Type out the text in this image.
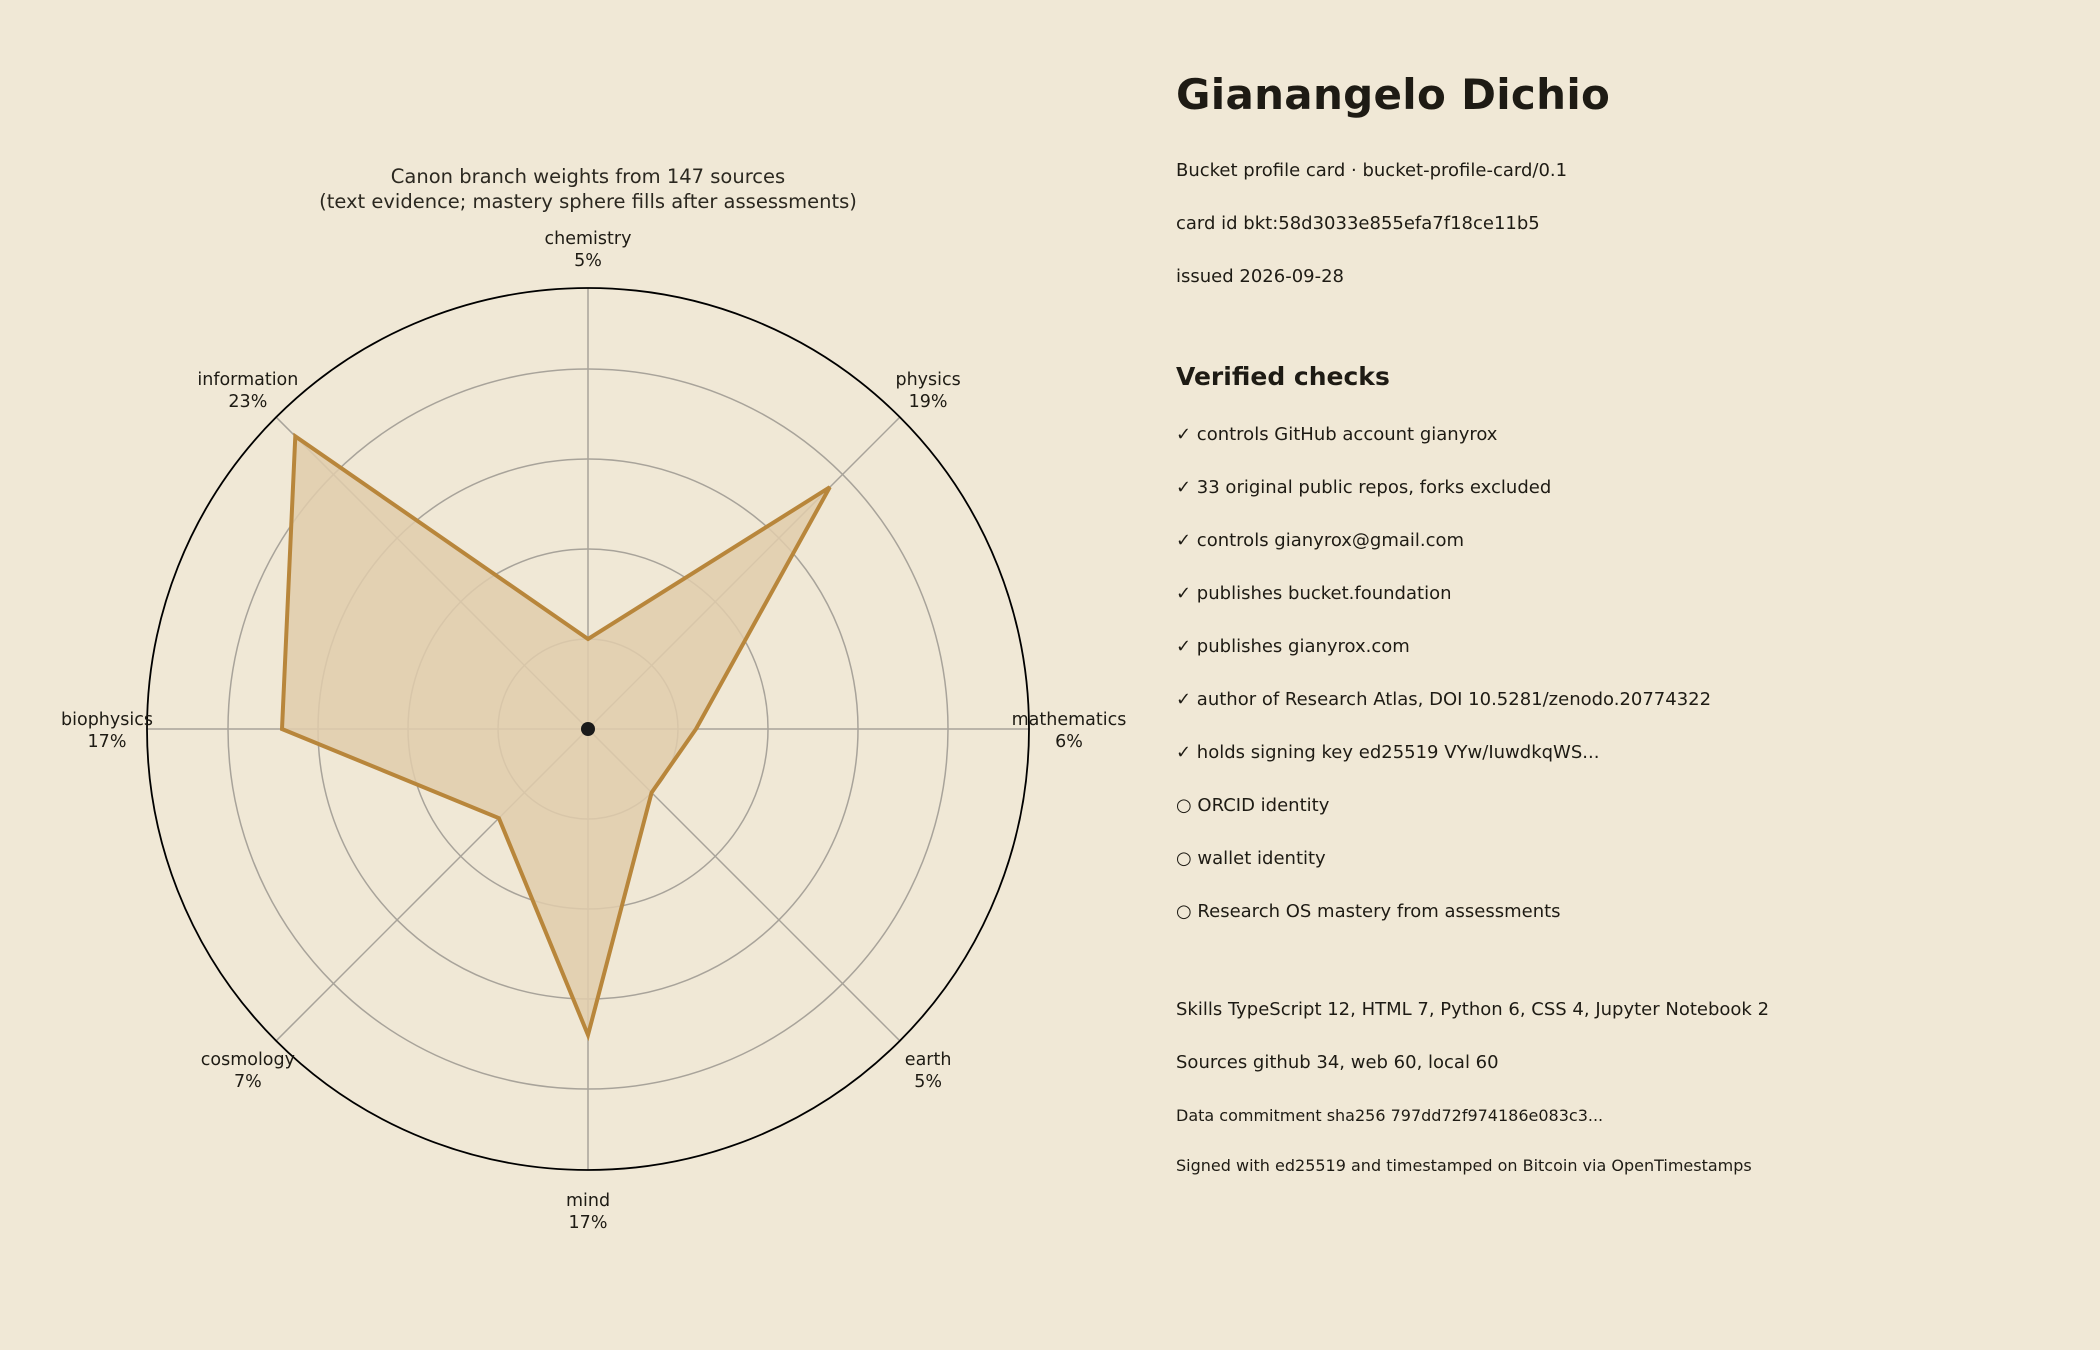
Canon branch weights from 147 sources
(text evidence; mastery sphere fills after assessments)
chemistry
5%
physics
19%
mathematics
6%
earth
5%
mind
17%
cosmology
7%
biophysics
17%
information
23%
Gianangelo Dichio
Bucket profile card · bucket-profile-card/0.1
card id bkt:58d3033e855efa7f18ce11b5
issued 2026-09-28
Verified checks
✓ controls GitHub account gianyrox
✓ 33 original public repos, forks excluded
✓ controls gianyrox@gmail.com
✓ publishes bucket.foundation
✓ publishes gianyrox.com
✓ author of Research Atlas, DOI 10.5281/zenodo.20774322
✓ holds signing key ed25519 VYw/IuwdkqWS...
○ ORCID identity
○ wallet identity
○ Research OS mastery from assessments
Skills TypeScript 12, HTML 7, Python 6, CSS 4, Jupyter Notebook 2
Sources github 34, web 60, local 60
Data commitment sha256 797dd72f974186e083c3...
Signed with ed25519 and timestamped on Bitcoin via OpenTimestamps
